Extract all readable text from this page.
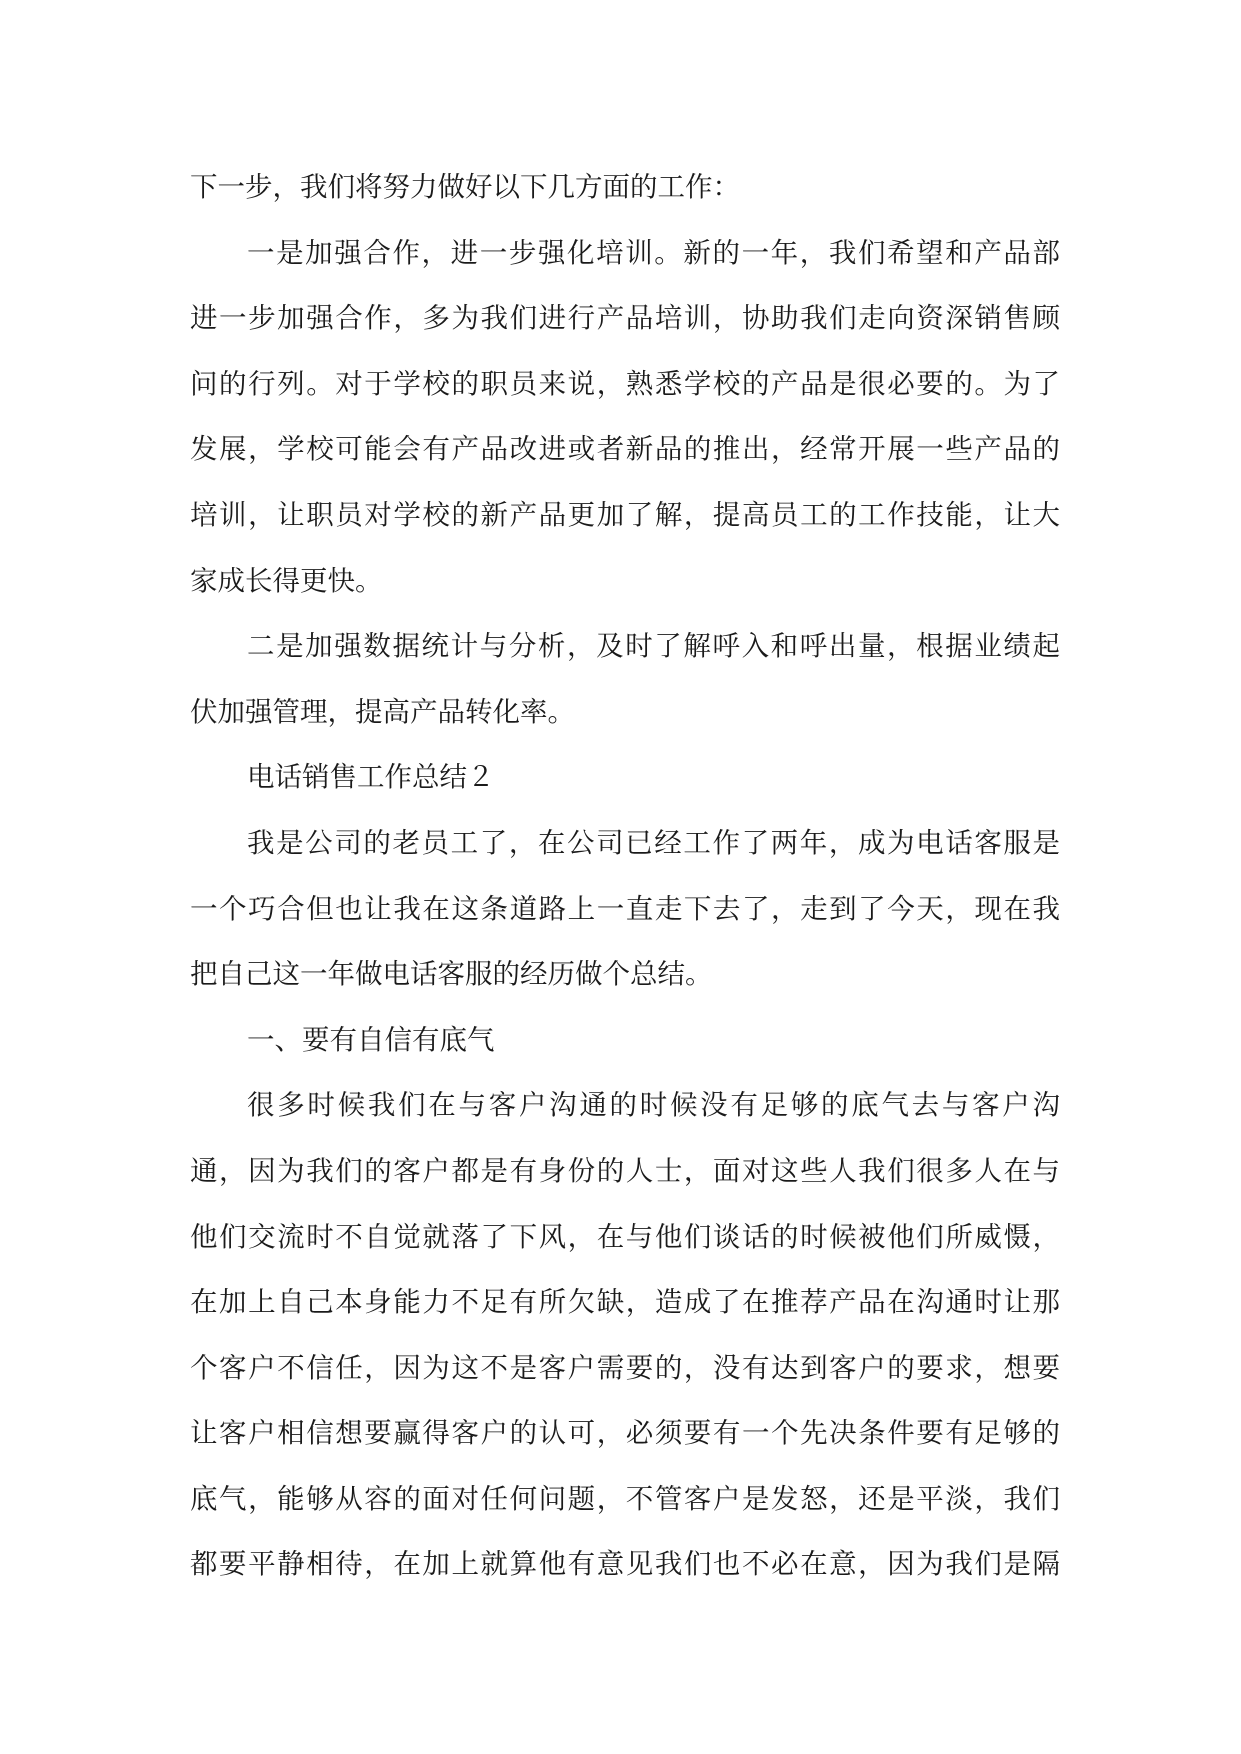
下一步，我们将努力做好以下几方面的工作：
一是加强合作，进一步强化培训。新的一年，我们希望和产品部
进一步加强合作，多为我们进行产品培训，协助我们走向资深销售顾
问的行列。对于学校的职员来说，熟悉学校的产品是很必要的。为了
发展，学校可能会有产品改进或者新品的推出，经常开展一些产品的
培训，让职员对学校的新产品更加了解，提高员工的工作技能，让大
家成长得更快。
二是加强数据统计与分析，及时了解呼入和呼出量，根据业绩起
伏加强管理，提高产品转化率。
电话销售工作总结２
我是公司的老员工了，在公司已经工作了两年，成为电话客服是
一个巧合但也让我在这条道路上一直走下去了，走到了今天，现在我
把自己这一年做电话客服的经历做个总结。
一、要有自信有底气
很多时候我们在与客户沟通的时候没有足够的底气去与客户沟
通，因为我们的客户都是有身份的人士，面对这些人我们很多人在与
他们交流时不自觉就落了下风，在与他们谈话的时候被他们所威慑，
在加上自己本身能力不足有所欠缺，造成了在推荐产品在沟通时让那
个客户不信任，因为这不是客户需要的，没有达到客户的要求，想要
让客户相信想要赢得客户的认可，必须要有一个先决条件要有足够的
底气，能够从容的面对任何问题，不管客户是发怒，还是平淡，我们
都要平静相待，在加上就算他有意见我们也不必在意，因为我们是隔
